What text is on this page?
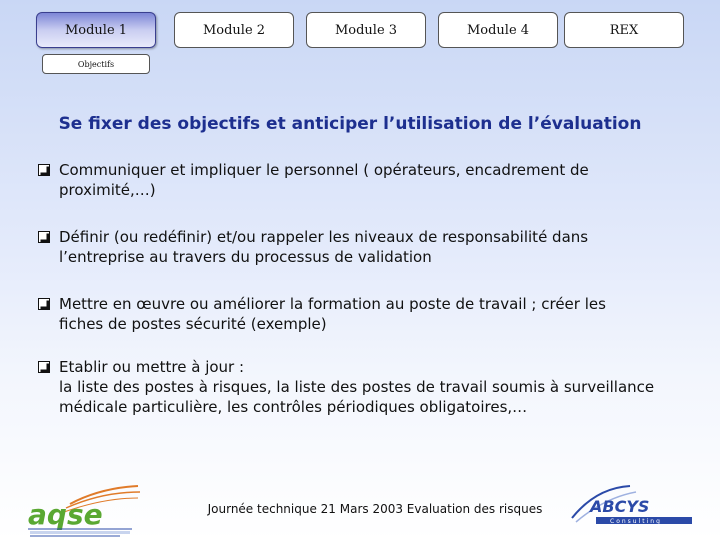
Module 1	Module 2	Module 3	Module 4	REX
Objectifs
Se fixer des objectifs et anticiper l’utilisation de l’évaluation
Communiquer et impliquer le personnel ( opérateurs, encadrement de
proximité,…)
Définir (ou redéfinir) et/ou rappeler les niveaux de responsabilité dans
l’entreprise au travers du processus de validation
Mettre en œuvre ou améliorer la formation au poste de travail ; créer les
fiches de postes sécurité (exemple)
Etablir ou mettre à jour :
la liste des postes à risques, la liste des postes de travail soumis à surveillance
médicale particulière, les contrôles périodiques obligatoires,…
Journée technique 21 Mars 2003 Evaluation des risques
aqse	ABCYS
Consulting
